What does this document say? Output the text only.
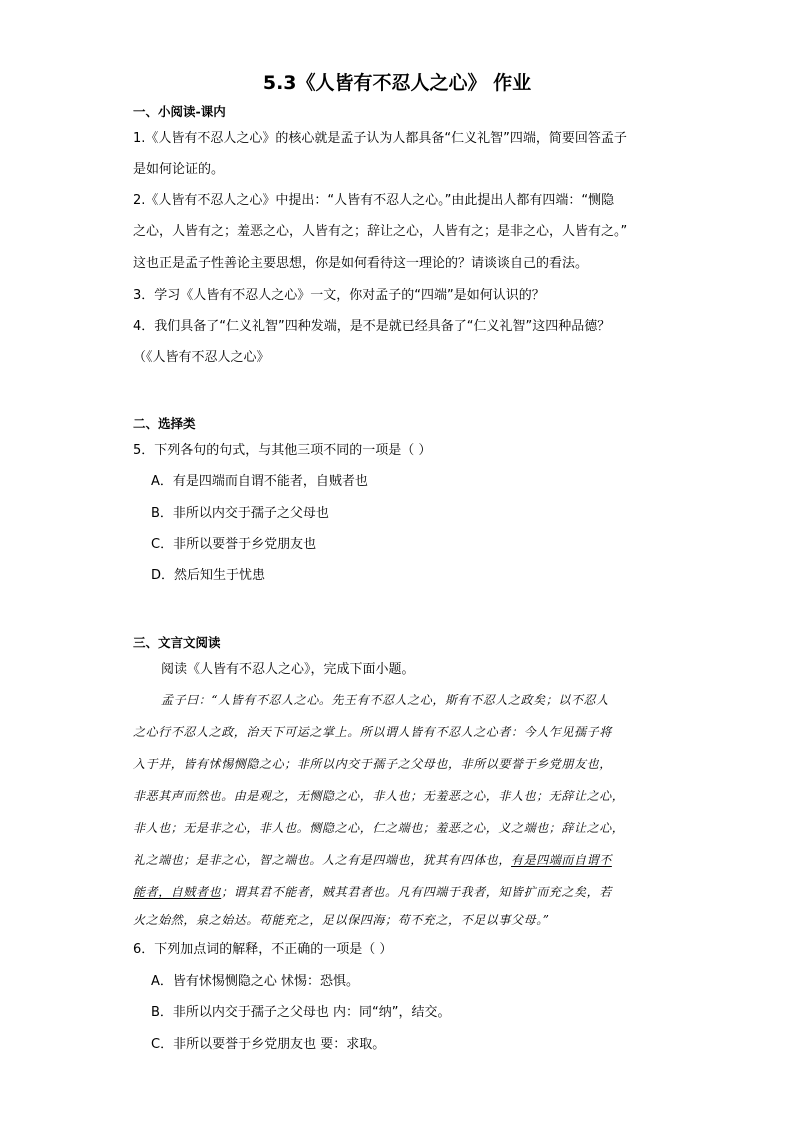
5.3《人皆有不忍人之心》 作业
一、小阅读-课内
1.《人皆有不忍人之心》的核心就是孟子认为人都具备“仁义礼智”四端，简要回答孟子
是如何论证的。
2.《人皆有不忍人之心》中提出：“人皆有不忍人之心。”由此提出人都有四端：“恻隐
之心，人皆有之；羞恶之心，人皆有之；辞让之心，人皆有之；是非之心，人皆有之。”
这也正是孟子性善论主要思想，你是如何看待这一理论的？请谈谈自己的看法。
3．学习《人皆有不忍人之心》一文，你对孟子的“四端”是如何认识的？
4．我们具备了“仁义礼智”四种发端，是不是就已经具备了“仁义礼智”这四种品德？
（《人皆有不忍人之心》
二、选择类
5．下列各句的句式，与其他三项不同的一项是（ ）
A．有是四端而自谓不能者，自贼者也
B．非所以内交于孺子之父母也
C．非所以要誉于乡党朋友也
D．然后知生于忧患
三、文言文阅读
阅读《人皆有不忍人之心》，完成下面小题。
孟子曰：“人皆有不忍人之心。先王有不忍人之心，斯有不忍人之政矣；以不忍人
之心行不忍人之政，治天下可运之掌上。所以谓人皆有不忍人之心者：今人乍见孺子将
入于井，皆有怵惕恻隐之心；非所以内交于孺子之父母也，非所以要誉于乡党朋友也，
非恶其声而然也。由是观之，无恻隐之心，非人也；无羞恶之心，非人也；无辞让之心，
非人也；无是非之心，非人也。恻隐之心，仁之端也；羞恶之心，义之端也；辞让之心，
礼之端也；是非之心，智之端也。人之有是四端也，犹其有四体也，有是四端而自谓不
能者，自贼者也；谓其君不能者，贼其君者也。凡有四端于我者，知皆扩而充之矣，若
火之始然，泉之始达。苟能充之，足以保四海；苟不充之，不足以事父母。”
6．下列加点词的解释，不正确的一项是（ ）
A．皆有怵惕恻隐之心 怵惕：恐惧。
B．非所以内交于孺子之父母也 内：同“纳”，结交。
C．非所以要誉于乡党朋友也 要：求取。
